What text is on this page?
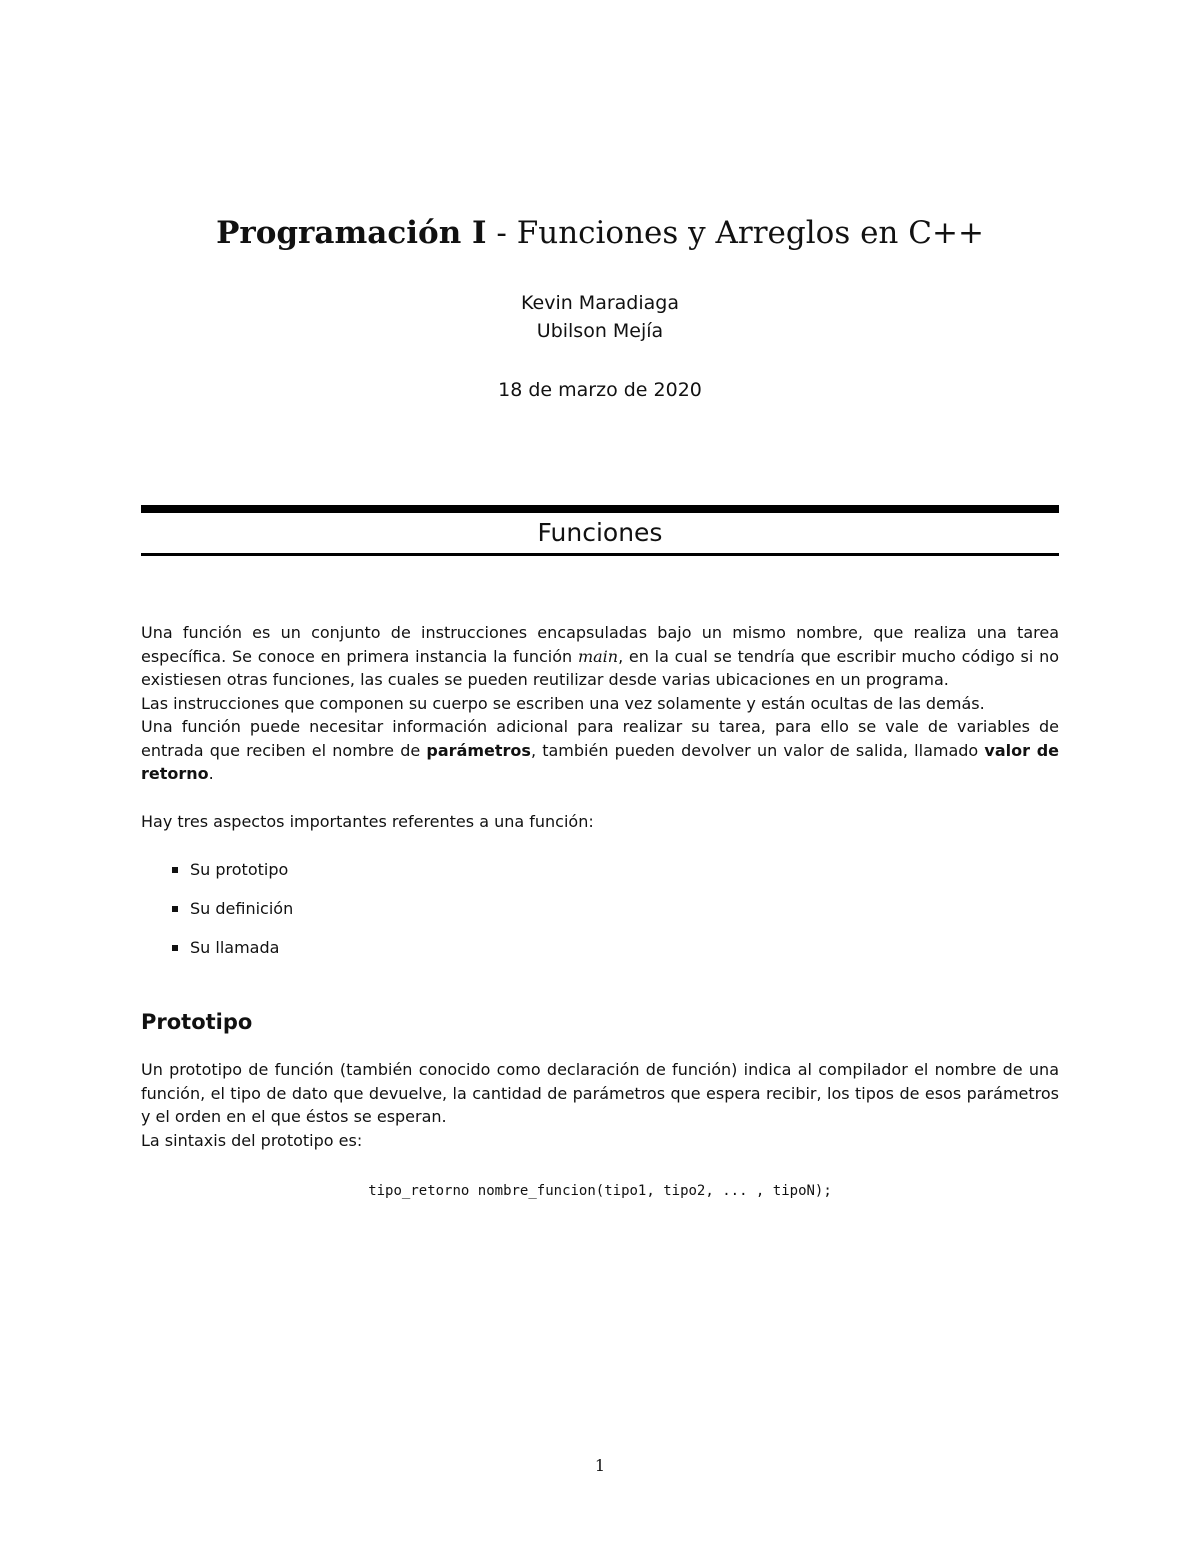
Programación I - Funciones y Arreglos en C++
Kevin Maradiaga
Ubilson Mejía
18 de marzo de 2020
Funciones

Una función es un conjunto de instrucciones encapsuladas bajo un mismo nombre, que realiza una tarea específica. Se conoce en primera instancia la función main, en la cual se tendría que escribir mucho código si no existiesen otras funciones, las cuales se pueden reutilizar desde varias ubicaciones en un programa.

Las instrucciones que componen su cuerpo se escriben una vez solamente y están ocultas de las demás.

Una función puede necesitar información adicional para realizar su tarea, para ello se vale de variables de entrada que reciben el nombre de parámetros, también pueden devolver un valor de salida, llamado valor de retorno.

Hay tres aspectos importantes referentes a una función:
Su prototipo
Su definición
Su llamada
Prototipo

Un prototipo de función (también conocido como declaración de función) indica al compilador el nombre de una función, el tipo de dato que devuelve, la cantidad de parámetros que espera recibir, los tipos de esos parámetros y el orden en el que éstos se esperan.

La sintaxis del prototipo es:

tipo_retorno nombre_funcion(tipo1, tipo2, ... , tipoN);
1
